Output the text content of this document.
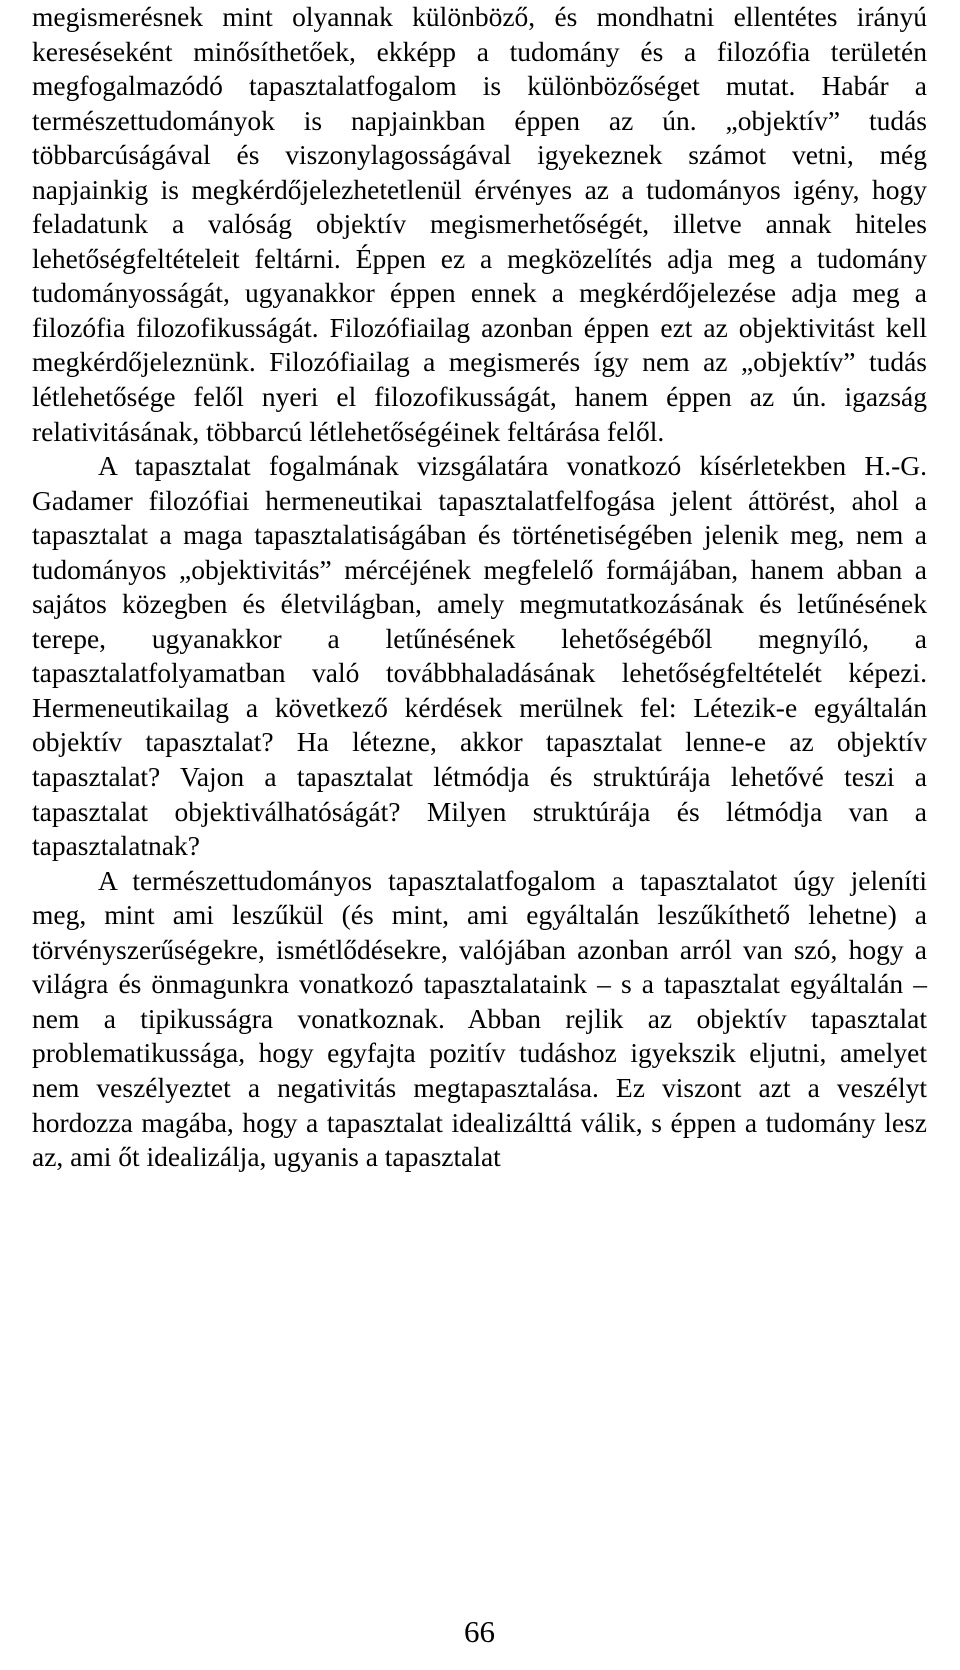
megismerésnek mint olyannak különböző, és mondhatni ellentétes irányú kereséseként minősíthetőek, ekképp a tudomány és a filozófia területén megfogalmazódó tapasztalatfogalom is különbözőséget mutat. Habár a természettudományok is napjainkban éppen az ún. „objektív” tudás többarcúságával és viszonylagosságával igyekeznek számot vetni, még napjainkig is megkérdőjelezhetetlenül érvényes az a tudományos igény, hogy feladatunk a valóság objektív megismerhetőségét, illetve annak hiteles lehetőségfeltételeit feltárni. Éppen ez a megközelítés adja meg a tudomány tudományosságát, ugyanakkor éppen ennek a megkérdőjelezése adja meg a filozófia filozofikusságát. Filozófiailag azonban éppen ezt az objektivitást kell megkérdőjeleznünk. Filozófiailag a megismerés így nem az „objektív” tudás létlehetősége felől nyeri el filozofikusságát, hanem éppen az ún. igazság relativitásának, többarcú létlehetőségéinek feltárása felől.

A tapasztalat fogalmának vizsgálatára vonatkozó kísérletekben H.-G. Gadamer filozófiai hermeneutikai tapasztalatfelfogása jelent áttörést, ahol a tapasztalat a maga tapasztalatiságában és történetiségében jelenik meg, nem a tudományos „objektivitás” mércéjének megfelelő formájában, hanem abban a sajátos közegben és életvilágban, amely megmutatkozásának és letűnésének terepe, ugyanakkor a letűnésének lehetőségéből megnyíló, a tapasztalatfolyamatban való továbbhaladásának lehetőségfeltételét képezi. Hermeneutikailag a következő kérdések merülnek fel: Létezik-e egyáltalán objektív tapasztalat? Ha létezne, akkor tapasztalat lenne-e az objektív tapasztalat? Vajon a tapasztalat létmódja és struktúrája lehetővé teszi a tapasztalat objektiválhatóságát? Milyen struktúrája és létmódja van a tapasztalatnak?

A természettudományos tapasztalatfogalom a tapasztalatot úgy jeleníti meg, mint ami leszűkül (és mint, ami egyáltalán leszűkíthető lehetne) a törvényszerűségekre, ismétlődésekre, valójában azonban arról van szó, hogy a világra és önmagunkra vonatkozó tapasztalataink – s a tapasztalat egyáltalán – nem a tipikusságra vonatkoznak. Abban rejlik az objektív tapasztalat problematikussága, hogy egyfajta pozitív tudáshoz igyekszik eljutni, amelyet nem veszélyeztet a negativitás megtapasztalása. Ez viszont azt a veszélyt hordozza magába, hogy a tapasztalat idealizálttá válik, s éppen a tudomány lesz az, ami őt idealizálja, ugyanis a tapasztalat

66
